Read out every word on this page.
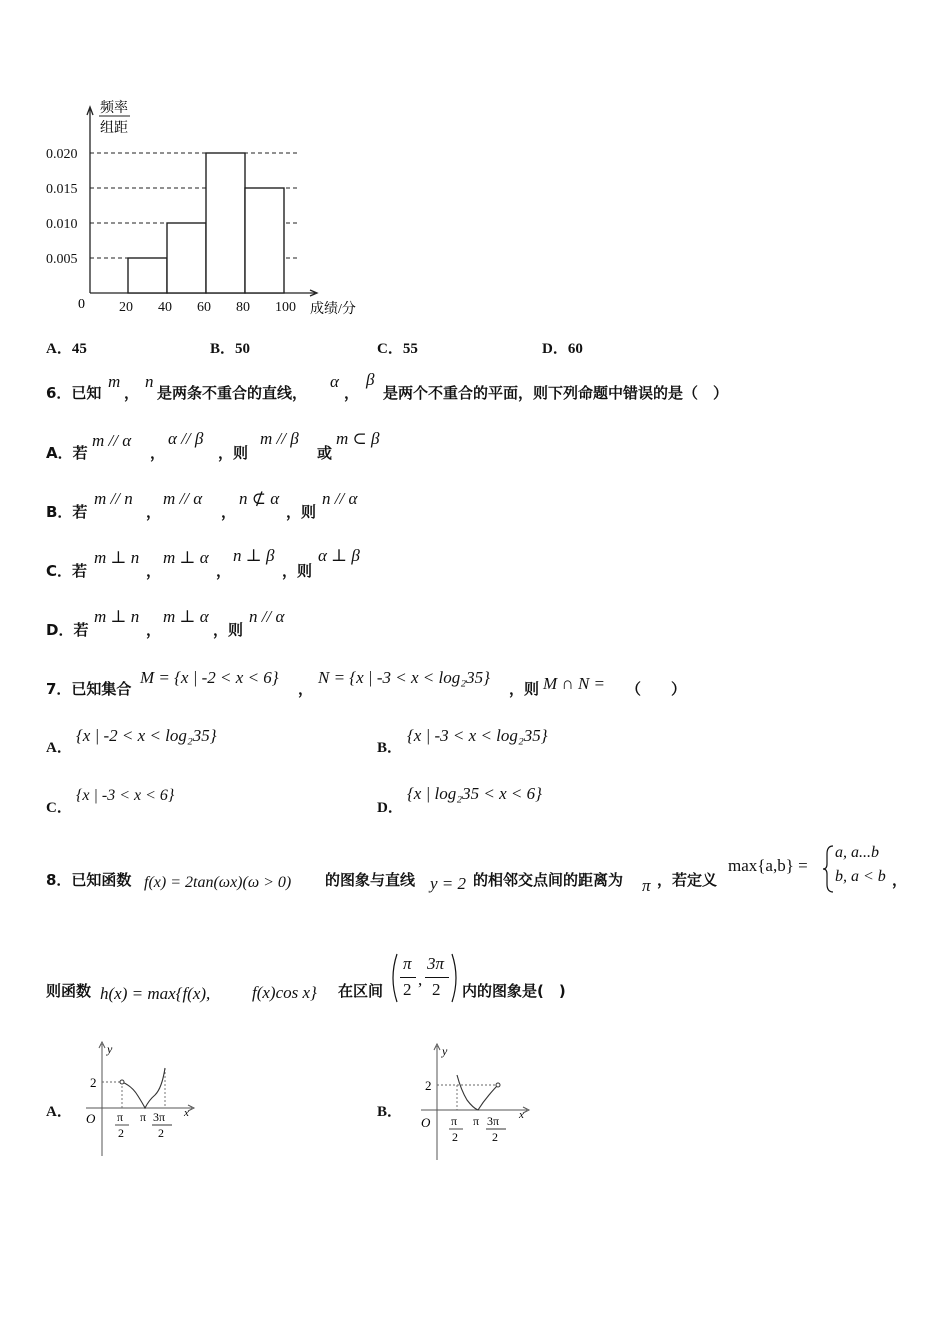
0.005
0.010
0.015
0.020
20 40 60 80 100
频率
组距
成绩/分
0
A．45	B．50	C．55	D．60
6．已知
m
，
n
是两条不重合的直线，
α
，
β
是两个不重合的平面，则下列命题中错误的是（　）
A．若
m // α
，
α // β
，则
m // β
或
m ⊂ β
B．若
m // n
，
m // α
，
n ⊄ α
，则
n // α
C．若
m ⊥ n
，
m ⊥ α
，
n ⊥ β
，则
α ⊥ β
D．若
m ⊥ n
，
m ⊥ α
，则
n // α
7．已知集合
M = {x | -2 < x < 6}
，
N = {x | -3 < x < log₂35}
，则 M ∩ N = （　　）
A．
{x | -2 < x < log₂35}
B．
{x | -3 < x < log₂35}
C．
{x | -3 < x < 6}
D．
{x | log₂35 < x < 6}
8．已知函数 f(x) = 2tan(ωx)(ω > 0) 的图象与直线 y = 2 的相邻交点间的距离为 π ，若定义
max{a,b} =
a, a...b
b, a < b ，
则函数 h(x) = max{f(x), f(x)cos x} 在区间
π
2
,
3π
2 内的图象是(　)
A．
y
x
O
2
π
2
π 3π
2
B．
y
x
O
2
π
2
π 3π
2
